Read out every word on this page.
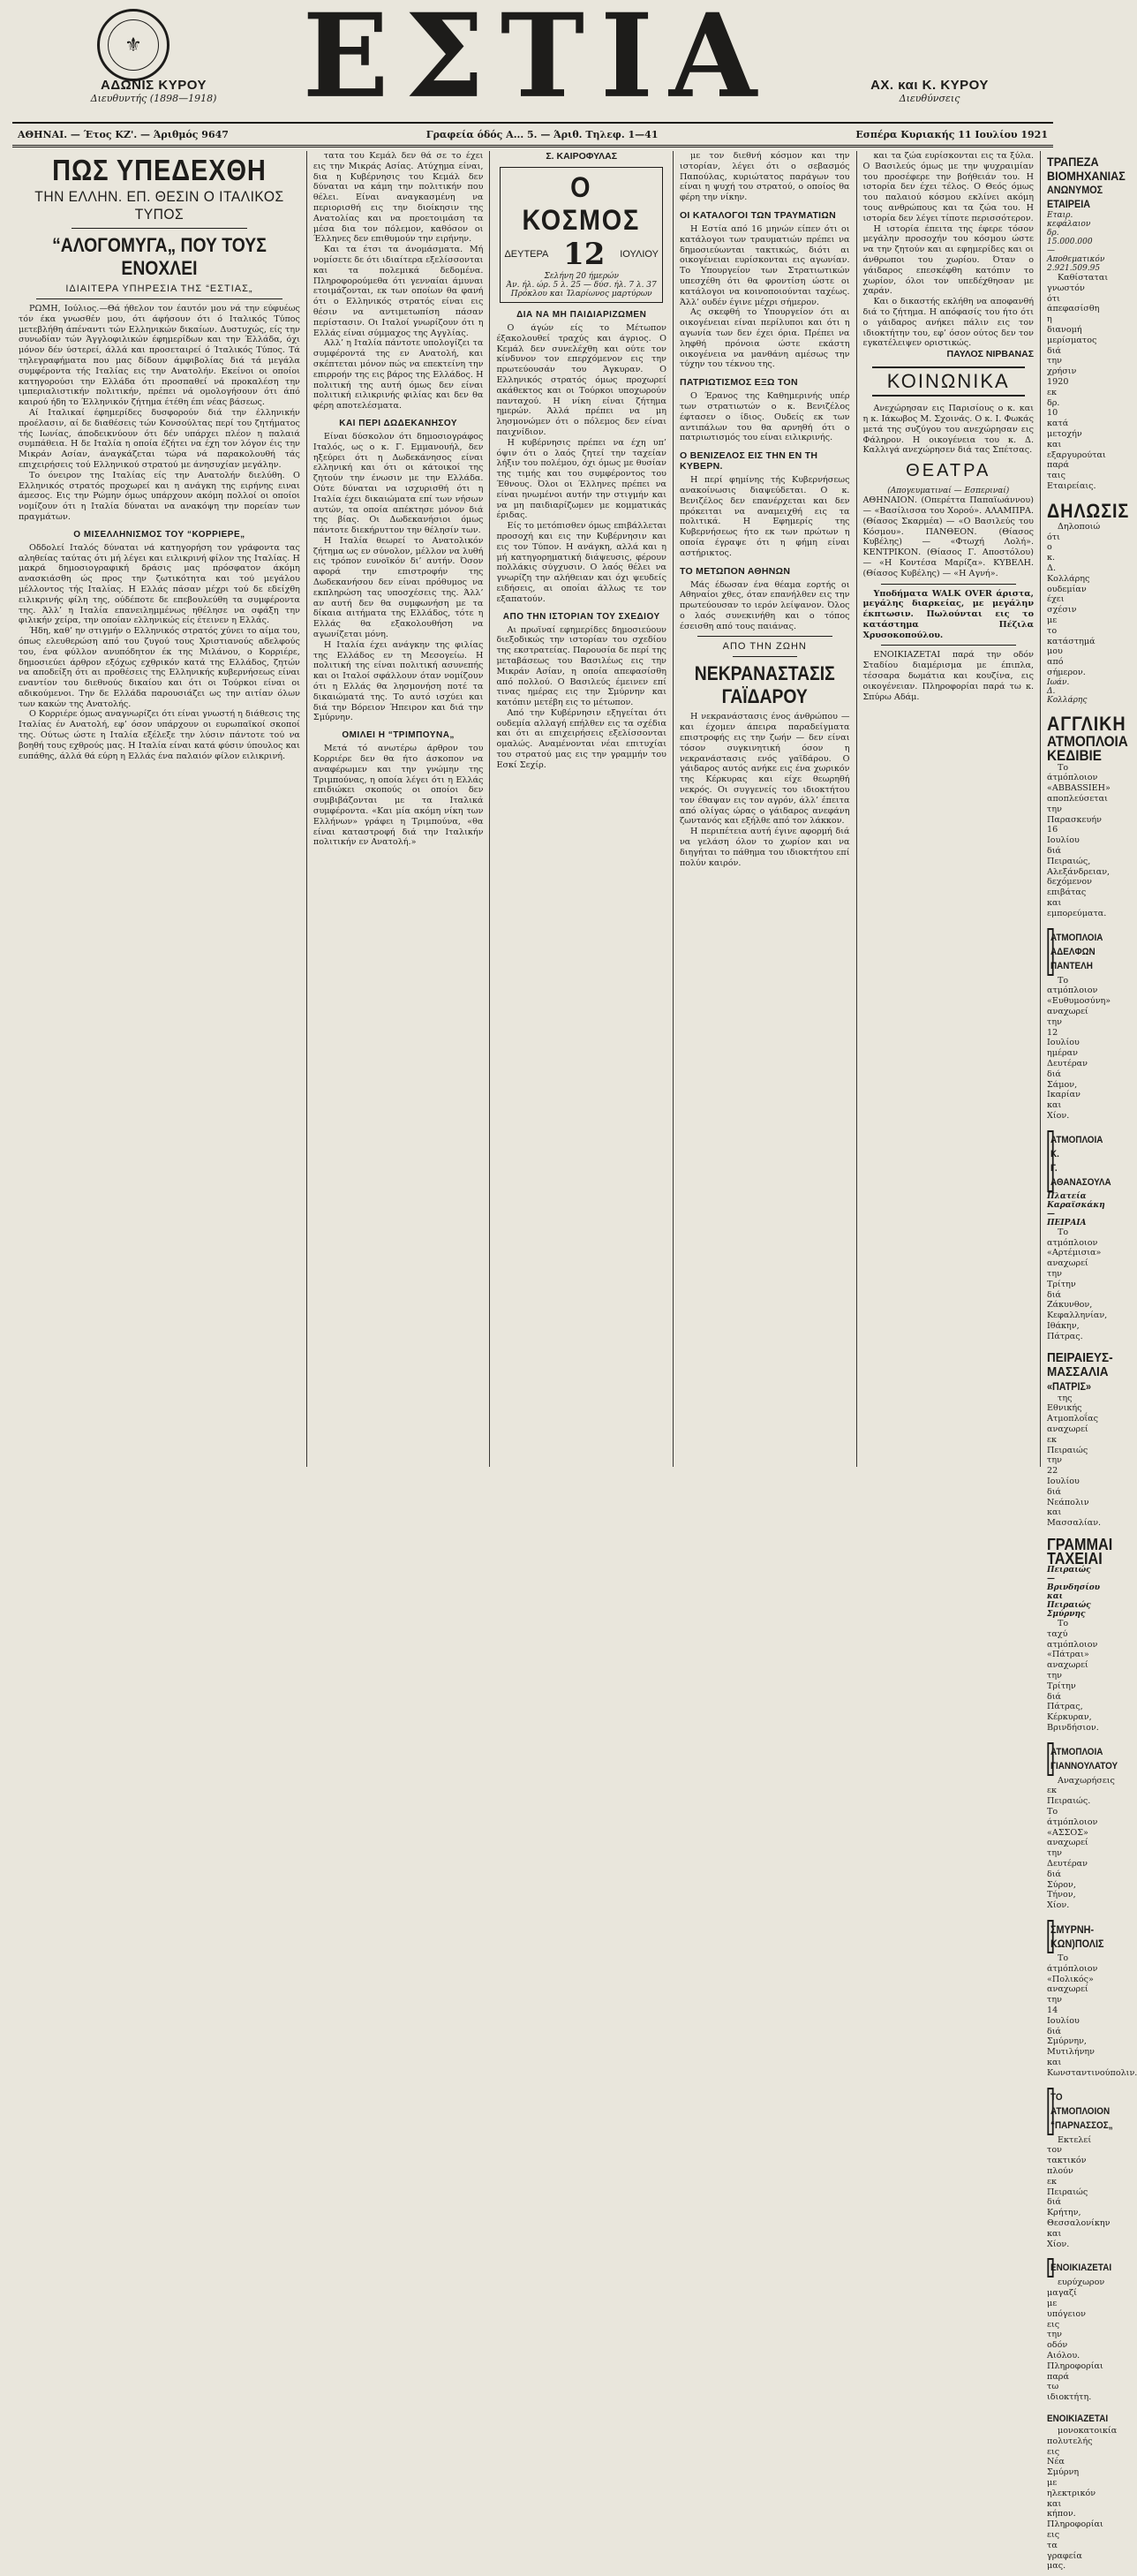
⚜
ΑΔΩΝΙΣ ΚΥΡΟΥ
Διευθυντής (1898—1918) ΕΣΤΙΑ	ΑΧ. και Κ. ΚΥΡΟΥ
Διευθύνσεις
ΑΘΗΝΑΙ. — Έτος ΚΖ'. — Άριθμός 9647	Γραφεία όδός Α... 5. — Άριθ. Τηλεφ. 1—41	Εσπέρα Κυριακής 11 Ιουλίου 1921
ΠΩΣ ΥΠΕΔΕΧΘΗ
ΤΗΝ ΕΛΛΗΝ. ΕΠ. ΘΕΣΙΝ Ο ΙΤΑΛΙΚΟΣ ΤΥΠΟΣ
“ΑΛΟΓΟΜΥΓΑ„ ΠΟΥ ΤΟΥΣ ΕΝΟΧΛΕΙ
ΙΔΙΑΙΤΕΡΑ ΥΠΗΡΕΣΙΑ ΤΗΣ “ΕΣΤΙΑΣ„

ΡΩΜΗ, Ιούλιος.—Θά ήθελον τον έαυτόν μου νά την εύφυέως τόν έκα γνωσθέν μου, ότι άφήσουν ότι ό Ιταλικός Τύπος μετεβλήθη άπέναντι τών Ελληνικών δικαίων. Δυστυχώς, είς την συνωδίαν τών Άγγλοφιλικών έφημερίδων και την Έλλάδα, όχι μόνον δέν ύστερεί, άλλά και προσεταιρεί ό Ίταλικός Τύπος. Τά τηλεγραφήματα που μας δίδουν άμφιβολίας διά τά μεγάλα συμφέροντα τής Ιταλίας εις την Ανατολήν. Εκείνοι οι οποίοι κατηγορούσι την Ελλάδα ότι προσπαθεί νά προκαλέση την ιμπεριαλιστικήν πολιτικήν, πρέπει νά ομολογήσουν ότι άπό καιρού ήδη το Έλληνικόν ζήτημα έτέθη έπι νέας βάσεως.

Αί Ιταλικαί έφημερίδες δυσφορούν διά την έλληνικήν προέλασιν, αί δε διαθέσεις τών Κονσούλτας περί του ζητήματος τής Ιωνίας, άποδεικνύουν ότι δέν υπάρχει πλέον η παλαιά συμπάθεια. Η δε Ιταλία η οποία έζήτει να έχη τον λόγον έις την Μικράν Ασίαν, άναγκάζεται τώρα νά παρακολουθή τάς επιχειρήσεις τού Ελληνικού στρατού με άνησυχίαν μεγάλην.

Το όνειρον της Ιταλίας είς την Ανατολήν διελύθη. Ο Ελληνικός στρατός προχωρεί και η ανάγκη της ειρήνης ειναι άμεσος. Εις την Ρώμην όμως υπάρχουν ακόμη πολλοί οι οποίοι νομίζουν ότι η Ιταλία δύναται να ανακόψη την πορείαν των πραγμάτων.

Ο ΜΙΣΕΛΛΗΝΙΣΜΟΣ ΤΟΥ “ΚΟΡΡΙΕΡΕ„

Οδδολεί Ιταλός δύναται νά κατηγορήση τον γράφοντα τας αληθείας ταύτας ότι μή λέγει και ειλικρινή φίλον της Ιταλίας. Η μακρά δημοσιογραφική δράσις μας πρόσφατον άκόμη ανασκιάσθη ώς προς την ζωτικότητα και τού μεγάλου μέλλοντος τής Ιταλίας. Η Ελλάς πάσαν μέχρι τού δε εδείχθη ειλικρινής φίλη της, ούδέποτε δε επεβουλεύθη τα συμφέροντα της. Άλλ’ η Ιταλία επανειλημμένως ηθέλησε να σφάξη την φιλικήν χείρα, την οποίαν ελληνικώς είς έτεινεν η Ελλάς.

Ήδη, καθ’ ην στιγμήν ο Ελληνικός στρατός χύνει το αίμα του, όπως ελευθερώση από του ζυγού τους Χριστιανούς αδελφούς του, ένα φύλλον ανυπόδητον έκ της Μιλάνου, ο Κορριέρε, δημοσιεύει άρθρον εξόχως εχθρικόν κατά της Ελλάδος, ζητών να αποδείξη ότι αι προθέσεις της Ελληνικής κυβερνήσεως είναι εναντίον του διεθνούς δικαίου και ότι οι Τούρκοι είναι οι αδικούμενοι. Την δε Ελλάδα παρουσιάζει ως την αιτίαν όλων των κακών της Ανατολής.

Ο Κορριέρε όμως αναγνωρίζει ότι είναι γνωστή η διάθεσις της Ιταλίας έν Ανατολή, εφ’ όσον υπάρχουν οι ευρωπαϊκοί σκοποί της. Ούτως ώστε η Ιταλία εξέλεξε την λύσιν πάντοτε τού να βοηθή τους εχθρούς μας. Η Ιταλία είναι κατά φύσιν ύπουλος και ευπάθης, άλλά θά εύρη η Ελλάς ένα παλαιόν φίλον ειλικρινή.

τατα του Κεμάλ δεν θά σε το έχει εις την Μικράς Ασίας. Ατύχημα είναι, δια η Κυβέρνησις του Κεμάλ δεν δύναται να κάμη την πολιτικήν που θέλει. Είναι αναγκασμένη να περιορισθή εις την διοίκησιν της Ανατολίας και να προετοιμάση τα μέσα δια τον πόλεμον, καθόσον οι Έλληνες δεν επιθυμούν την ειρήνην.

Και τα έτσι τα άνομάσματα. Μή νομίσετε δε ότι ιδιαίτερα εξελίσσονται και τα πολεμικά δεδομένα. Πληροφορούμεθα ότι γενναίαι άμυναι ετοιμάζονται, εκ των οποίων θα φανή ότι ο Ελληνικός στρατός είναι εις θέσιν να αντιμετωπίση πάσαν περίστασιν. Οι Ιταλοί γνωρίζουν ότι η Ελλάς είναι σύμμαχος της Αγγλίας.

Αλλ’ η Ιταλία πάντοτε υπολογίζει τα συμφέροντά της εν Ανατολή, και σκέπτεται μόνον πώς να επεκτείνη την επιρροήν της εις βάρος της Ελλάδος. Η πολιτική της αυτή όμως δεν είναι πολιτική ειλικρινής φιλίας και δεν θα φέρη αποτελέσματα.

ΚΑΙ ΠΕΡΙ ΔΩΔΕΚΑΝΗΣΟΥ

Είναι δύσκολον ότι δημοσιογράφος Ιταλός, ως ο κ. Γ. Εμμανουήλ, δεν ηξεύρει ότι η Δωδεκάνησος είναι ελληνική και ότι οι κάτοικοί της ζητούν την ένωσιν με την Ελλάδα. Ούτε δύναται να ισχυρισθή ότι η Ιταλία έχει δικαιώματα επί των νήσων αυτών, τα οποία απέκτησε μόνον διά της βίας. Οι Δωδεκανήσιοι όμως πάντοτε διεκήρυττον την θέλησίν των.

Η Ιταλία θεωρεί το Ανατολικόν ζήτημα ως εν σύνολον, μέλλον να λυθή εις τρόπον ευνοϊκόν δι’ αυτήν. Όσον αφορά την επιστροφήν της Δωδεκανήσου δεν είναι πρόθυμος να εκπληρώση τας υποσχέσεις της. Άλλ’ αν αυτή δεν θα συμφωνήση με τα δίκαια αιτήματα της Ελλάδος, τότε η Ελλάς θα εξακολουθήση να αγωνίζεται μόνη.

Η Ιταλία έχει ανάγκην της φιλίας της Ελλάδος εν τη Μεσογείω. Η πολιτική της είναι πολιτική ασυνεπής και οι Ιταλοί σφάλλουν όταν νομίζουν ότι η Ελλάς θα λησμονήση ποτέ τα δικαιώματά της. Το αυτό ισχύει και διά την Βόρειον Ήπειρον και διά την Σμύρνην.

ΟΜΙΛΕΙ Η “ΤΡΙΜΠΟΥΝΑ„

Μετά τό ανωτέρω άρθρον του Κορριέρε δεν θα ήτο άσκοπον να αναφέρωμεν και την γνώμην της Τριμπούνας, η οποία λέγει ότι η Ελλάς επιδιώκει σκοπούς οι οποίοι δεν συμβιβάζονται με τα Ιταλικά συμφέροντα. «Και μία ακόμη νίκη των Ελλήνων» γράφει η Τριμπούνα, «θα είναι καταστροφή διά την Ιταλικήν πολιτικήν εν Ανατολή.»

Σ. ΚΑΙΡΟΦΥΛΑΣ
Ο ΚΟΣΜΟΣ
ΔΕΥΤΕΡΑ 12 ΙΟΥΛΙΟΥ
Σελήνη 20 ήμερών
Άν. ήλ. ώρ. 5 λ. 25 — δύσ. ήλ. 7 λ. 37
Πρόκλου και Ίλαρίωνος μαρτύρων
ΔΙΑ ΝΑ ΜΗ ΠΑΙΔΙΑΡΙΖΩΜΕΝ

Ο άγών είς το Μέτωπον έξακολουθεί τραχύς και άγριος. Ο Κεμάλ δεν συνελέχθη και ούτε τον κίνδυνον τον επερχόμενον εις την πρωτεύουσάν του Άγκυραν. Ο Ελληνικός στρατός όμως προχωρεί ακάθεκτος και οι Τούρκοι υποχωρούν πανταχού. Η νίκη είναι ζήτημα ημερών. Άλλά πρέπει να μη λησμονώμεν ότι ο πόλεμος δεν είναι παιχνίδιον.

Η κυβέρνησις πρέπει να έχη υπ’ όψιν ότι ο λαός ζητεί την ταχείαν λήξιν του πολέμου, όχι όμως με θυσίαν της τιμής και του συμφέροντος του Έθνους. Όλοι οι Έλληνες πρέπει να είναι ηνωμένοι αυτήν την στιγμήν και να μη παιδιαρίζωμεν με κομματικάς έριδας.

Είς το μετόπισθεν όμως επιβάλλεται προσοχή και εις την Κυβέρνησιν και εις τον Τύπον. Η ανάγκη, αλλά και η μή κατηγορηματική διάψευσις, φέρουν πολλάκις σύγχυσιν. Ο λαός θέλει να γνωρίζη την αλήθειαν και όχι ψευδείς ειδήσεις, αι οποίαι άλλως τε τον εξαπατούν.

ΑΠΟ ΤΗΝ ΙΣΤΟΡΙΑΝ ΤΟΥ ΣΧΕΔΙΟΥ

Αι πρωϊναί εφημερίδες δημοσιεύουν διεξοδικώς την ιστορίαν του σχεδίου της εκστρατείας. Παρουσία δε περί της μεταβάσεως του Βασιλέως εις την Μικράν Ασίαν, η οποία απεφασίσθη από πολλού. Ο Βασιλεύς έμεινεν επί τινας ημέρας εις την Σμύρνην και κατόπιν μετέβη εις το μέτωπον.

Από την Κυβέρνησιν εξηγείται ότι ουδεμία αλλαγή επήλθεν εις τα σχέδια και ότι αι επιχειρήσεις εξελίσσονται ομαλώς. Αναμένονται νέαι επιτυχίαι του στρατού μας εις την γραμμήν του Εσκί Σεχίρ.

με τον διεθνή κόσμον και την ιστορίαν, λέγει ότι ο σεβασμός Παπούλας, κυριώτατος παράγων του είναι η ψυχή του στρατού, ο οποίος θα φέρη την νίκην.

ΟΙ ΚΑΤΑΛΟΓΟΙ ΤΩΝ ΤΡΑΥΜΑΤΙΩΝ

Η Εστία από 16 μηνών είπεν ότι οι κατάλογοι των τραυματιών πρέπει να δημοσιεύωνται τακτικώς, διότι αι οικογένειαι ευρίσκονται εις αγωνίαν. Το Υπουργείον των Στρατιωτικών υπεσχέθη ότι θα φροντίση ώστε οι κατάλογοι να κοινοποιούνται ταχέως. Άλλ’ ουδέν έγινε μέχρι σήμερον.

Ας σκεφθή το Υπουργείον ότι αι οικογένειαι είναι περίλυποι και ότι η αγωνία των δεν έχει όρια. Πρέπει να ληφθή πρόνοια ώστε εκάστη οικογένεια να μανθάνη αμέσως την τύχην του τέκνου της.

ΠΑΤΡΙΩΤΙΣΜΟΣ ΕΞΩ ΤΟΝ

Ο Έρανος της Καθημερινής υπέρ των στρατιωτών ο κ. Βενιζέλος έφτασεν ο ίδιος. Ουδείς εκ των αντιπάλων του θα αρνηθή ότι ο πατριωτισμός του είναι ειλικρινής.

Ο ΒΕΝΙΖΕΛΟΣ ΕΙΣ ΤΗΝ ΕΝ ΤΗ ΚΥΒΕΡΝ.

Η περί φημίνης τής Κυβερνήσεως ανακοίνωσις διαψεύδεται. Ο κ. Βενιζέλος δεν επανέρχεται και δεν πρόκειται να αναμειχθή εις τα πολιτικά. Η Εφημερίς της Κυβερνήσεως ήτο εκ των πρώτων η οποία έγραψε ότι η φήμη είναι αστήρικτος.

ΤΟ ΜΕΤΩΠΟΝ ΑΘΗΝΩΝ

Μάς έδωσαν ένα θέαμα εορτής οι Αθηναίοι χθες, όταν επανήλθεν εις την πρωτεύουσαν το ιερόν λείψανον. Όλος ο λαός συνεκινήθη και ο τόπος έσεισθη από τους παιάνας.

ΑΠΟ ΤΗΝ ΖΩΗΝ
ΝΕΚΡΑΝΑΣΤΑΣΙΣ ΓΑΪΔΑΡΟΥ

Η νεκρανάστασις ένος άνθρώπου — και έχομεν άπειρα παραδείγματα επιστροφής εις την ζωήν — δεν είναι τόσον συγκινητική όσον η νεκρανάστασις ενός γαϊδάρου. Ο γάιδαρος αυτός ανήκε εις ένα χωρικόν της Κέρκυρας και είχε θεωρηθή νεκρός. Οι συγγενείς του ιδιοκτήτου τον έθαψαν εις τον αγρόν, άλλ’ έπειτα από ολίγας ώρας ο γάιδαρος ανεφάνη ζωντανός και εξήλθε από τον λάκκον.

Η περιπέτεια αυτή έγινε αφορμή διά να γελάση όλον το χωρίον και να διηγήται το πάθημα του ιδιοκτήτου επί πολύν καιρόν.

και τα ζώα ευρίσκονται εις τα ξύλα. Ο Βασιλεύς όμως με την ψυχραιμίαν του προσέφερε την βοήθειάν του. Η ιστορία δεν έχει τέλος. Ο Θεός όμως του παλαιού κόσμου εκλίνει ακόμη τους ανθρώπους και τα ζώα του. Η ιστορία δεν λέγει τίποτε περισσότερον.

Η ιστορία έπειτα της έφερε τόσον μεγάλην προσοχήν του κόσμου ώστε να την ζητούν και αι εφημερίδες και οι άνθρωποι του χωρίου. Όταν ο γάιδαρος επεσκέφθη κατόπιν το χωρίον, όλοι τον υπεδέχθησαν με χαράν.

Και ο δικαστής εκλήθη να αποφανθή διά το ζήτημα. Η απόφασίς του ήτο ότι ο γάιδαρος ανήκει πάλιν εις τον ιδιοκτήτην του, εφ’ όσον ούτος δεν τον εγκατέλειψεν οριστικώς.

ΠΑΥΛΟΣ ΝΙΡΒΑΝΑΣ
ΚΟΙΝΩΝΙΚΑ

Ανεχώρησαν εις Παρισίους ο κ. και η κ. Ιάκωβος Μ. Σχοινάς. Ο κ. Ι. Φωκάς μετά της συζύγου του ανεχώρησαν εις Φάληρον. Η οικογένεια του κ. Δ. Καλλιγά ανεχώρησεν διά τας Σπέτσας.

ΘΕΑΤΡΑ
(Απογευματιναί — Εσπεριναί)

ΑΘΗΝΑΙΟΝ. (Οπερέττα Παπαϊωάννου) — «Βασίλισσα του Χορού». ΑΛΑΜΠΡΑ. (Θίασος Σκαρμέα) — «Ο Βασιλεύς του Κόσμου». ΠΑΝΘΕΟΝ. (Θίασος Κυβέλης) — «Φτωχή Λολή». ΚΕΝΤΡΙΚΟΝ. (Θίασος Γ. Αποστόλου) — «Η Κοντέσα Μαρίζα». ΚΥΒΕΛΗ. (Θίασος Κυβέλης) — «Η Αγνή».

Υποδήματα WALK OVER άριστα, μεγάλης διαρκείας, με μεγάλην έκπτωσιν. Πωλούνται εις το κατάστημα Πέζιλα Χρυσοκοπούλου.

ΕΝΟΙΚΙΑΖΕΤΑΙ παρά την οδόν Σταδίου διαμέρισμα με έπιπλα, τέσσαρα δωμάτια και κουζίνα, εις οικογένειαν. Πληροφορίαι παρά τω κ. Σπύρω Αδάμ.

ΤΡΑΠΕΖΑ ΒΙΟΜΗΧΑΝΙΑΣ
ΑΝΩΝΥΜΟΣ ΕΤΑΙΡΕΙΑ
Εταιρ. κεφάλαιον δρ. 15.000.000 — Αποθεματικόν 2.921.509.95

Καθίσταται γνωστόν ότι άπεφασίσθη η διανομή μερίσματος διά την χρήσιν 1920 εκ δρ. 10 κατά μετοχήν και εξαργυρούται παρά ταις Εταιρείαις.

ΔΗΛΩΣΙΣ

Δηλοποιώ ότι ο κ. Δ. Κολλάρης ουδεμίαν έχει σχέσιν με το κατάστημά μου από σήμερον.

Ιωάν. Δ. Κολλάρης
ΑΓΓΛΙΚΗ
ΑΤΜΟΠΛΟΙΑ ΚΕΔΙΒΙΕ

Το άτμόπλοιον «ABBASSIEH» αποπλεύσεται την Παρασκευήν 16 Ιουλίου διά Πειραιώς, Αλεξάνδρειαν, δεχόμενον επιβάτας και εμπορεύματα.

ΑΤΜΟΠΛΟΙΑ ΑΔΕΛΦΩΝ ΠΑΝΤΕΛΗ

Το ατμόπλοιον «Ευθυμοσύνη» αναχωρεί την 12 Ιουλίου ημέραν Δευτέραν διά Σάμον, Ικαρίαν και Χίον.

ΑΤΜΟΠΛΟΙΑ Κ. Γ. ΑΘΑΝΑΣΟΥΛΑ
Πλατεία Καραϊσκάκη — ΠΕΙΡΑΙΑ

Το ατμόπλοιον «Αρτέμισια» αναχωρεί την Τρίτην διά Ζάκυνθον, Κεφαλληνίαν, Ιθάκην, Πάτρας.

ΠΕΙΡΑΙΕΥΣ-ΜΑΣΣΑΛΙΑ
«ΠΑΤΡΙΣ»

της Εθνικής Ατμοπλοΐας αναχωρεί εκ Πειραιώς την 22 Ιουλίου διά Νεάπολιν και Μασσαλίαν.

ΓΡΑΜΜΑΙ ΤΑΧΕΙΑΙ
Πειραιώς—Βρινδησίου και Πειραιώς Σμύρνης

Το ταχύ ατμόπλοιον «Πάτραι» αναχωρεί την Τρίτην διά Πάτρας, Κέρκυραν, Βρινδήσιον.

ΑΤΜΟΠΛΟΙΑ ΓΙΑΝΝΟΥΛΑΤΟΥ

Αναχωρήσεις εκ Πειραιώς. Το άτμόπλοιον «ΑΣΣΟΣ» αναχωρεί την Δευτέραν διά Σύρον, Τήνον, Χίον.

ΣΜΥΡΝΗ-ΚΩΝ)ΠΟΛΙΣ

Το άτμόπλοιον «Πολικός» αναχωρεί την 14 Ιουλίου διά Σμύρνην, Μυτιλήνην και Κωνσταντινούπολιν.

ΤΟ ΑΤΜΟΠΛΟΙΟΝ “ΠΑΡΝΑΣΣΟΣ„

Εκτελεί τον τακτικόν πλούν εκ Πειραιώς διά Κρήτην, Θεσσαλονίκην και Χίον.

ΕΝΟΙΚΙΑΖΕΤΑΙ

ευρύχωρον μαγαζί με υπόγειον εις την οδόν Αιόλου. Πληροφορίαι παρά τω ιδιοκτήτη.

ΕΝΟΙΚΙΑΖΕΤΑΙ

μονοκατοικία πολυτελής εις Νέα Σμύρνη με ηλεκτρικόν και κήπον. Πληροφορίαι εις τα γραφεία μας.
